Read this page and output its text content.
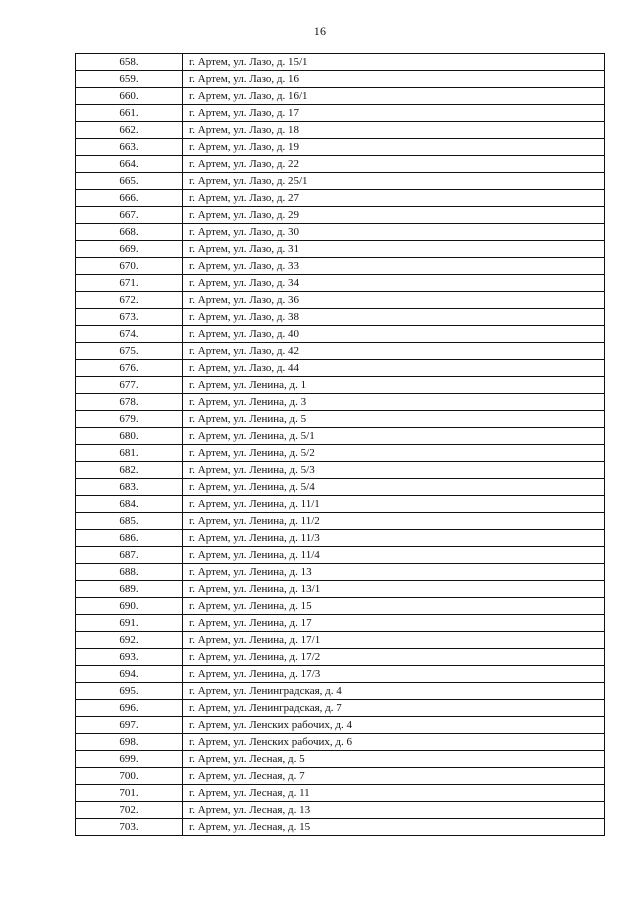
16
658.	г. Артем, ул. Лазо, д. 15/1
659.	г. Артем, ул. Лазо, д. 16
660.	г. Артем, ул. Лазо, д. 16/1
661.	г. Артем, ул. Лазо, д. 17
662.	г. Артем, ул. Лазо, д. 18
663.	г. Артем, ул. Лазо, д. 19
664.	г. Артем, ул. Лазо, д. 22
665.	г. Артем, ул. Лазо, д. 25/1
666.	г. Артем, ул. Лазо, д. 27
667.	г. Артем, ул. Лазо, д. 29
668.	г. Артем, ул. Лазо, д. 30
669.	г. Артем, ул. Лазо, д. 31
670.	г. Артем, ул. Лазо, д. 33
671.	г. Артем, ул. Лазо, д. 34
672.	г. Артем, ул. Лазо, д. 36
673.	г. Артем, ул. Лазо, д. 38
674.	г. Артем, ул. Лазо, д. 40
675.	г. Артем, ул. Лазо, д. 42
676.	г. Артем, ул. Лазо, д. 44
677.	г. Артем, ул. Ленина, д. 1
678.	г. Артем, ул. Ленина, д. 3
679.	г. Артем, ул. Ленина, д. 5
680.	г. Артем, ул. Ленина, д. 5/1
681.	г. Артем, ул. Ленина, д. 5/2
682.	г. Артем, ул. Ленина, д. 5/3
683.	г. Артем, ул. Ленина, д. 5/4
684.	г. Артем, ул. Ленина, д. 11/1
685.	г. Артем, ул. Ленина, д. 11/2
686.	г. Артем, ул. Ленина, д. 11/3
687.	г. Артем, ул. Ленина, д. 11/4
688.	г. Артем, ул. Ленина, д. 13
689.	г. Артем, ул. Ленина, д. 13/1
690.	г. Артем, ул. Ленина, д. 15
691.	г. Артем, ул. Ленина, д. 17
692.	г. Артем, ул. Ленина, д. 17/1
693.	г. Артем, ул. Ленина, д. 17/2
694.	г. Артем, ул. Ленина, д. 17/3
695.	г. Артем, ул. Ленинградская, д. 4
696.	г. Артем, ул. Ленинградская, д. 7
697.	г. Артем, ул. Ленских рабочих, д. 4
698.	г. Артем, ул. Ленских рабочих, д. 6
699.	г. Артем, ул. Лесная, д. 5
700.	г. Артем, ул. Лесная, д. 7
701.	г. Артем, ул. Лесная, д. 11
702.	г. Артем, ул. Лесная, д. 13
703.	г. Артем, ул. Лесная, д. 15
